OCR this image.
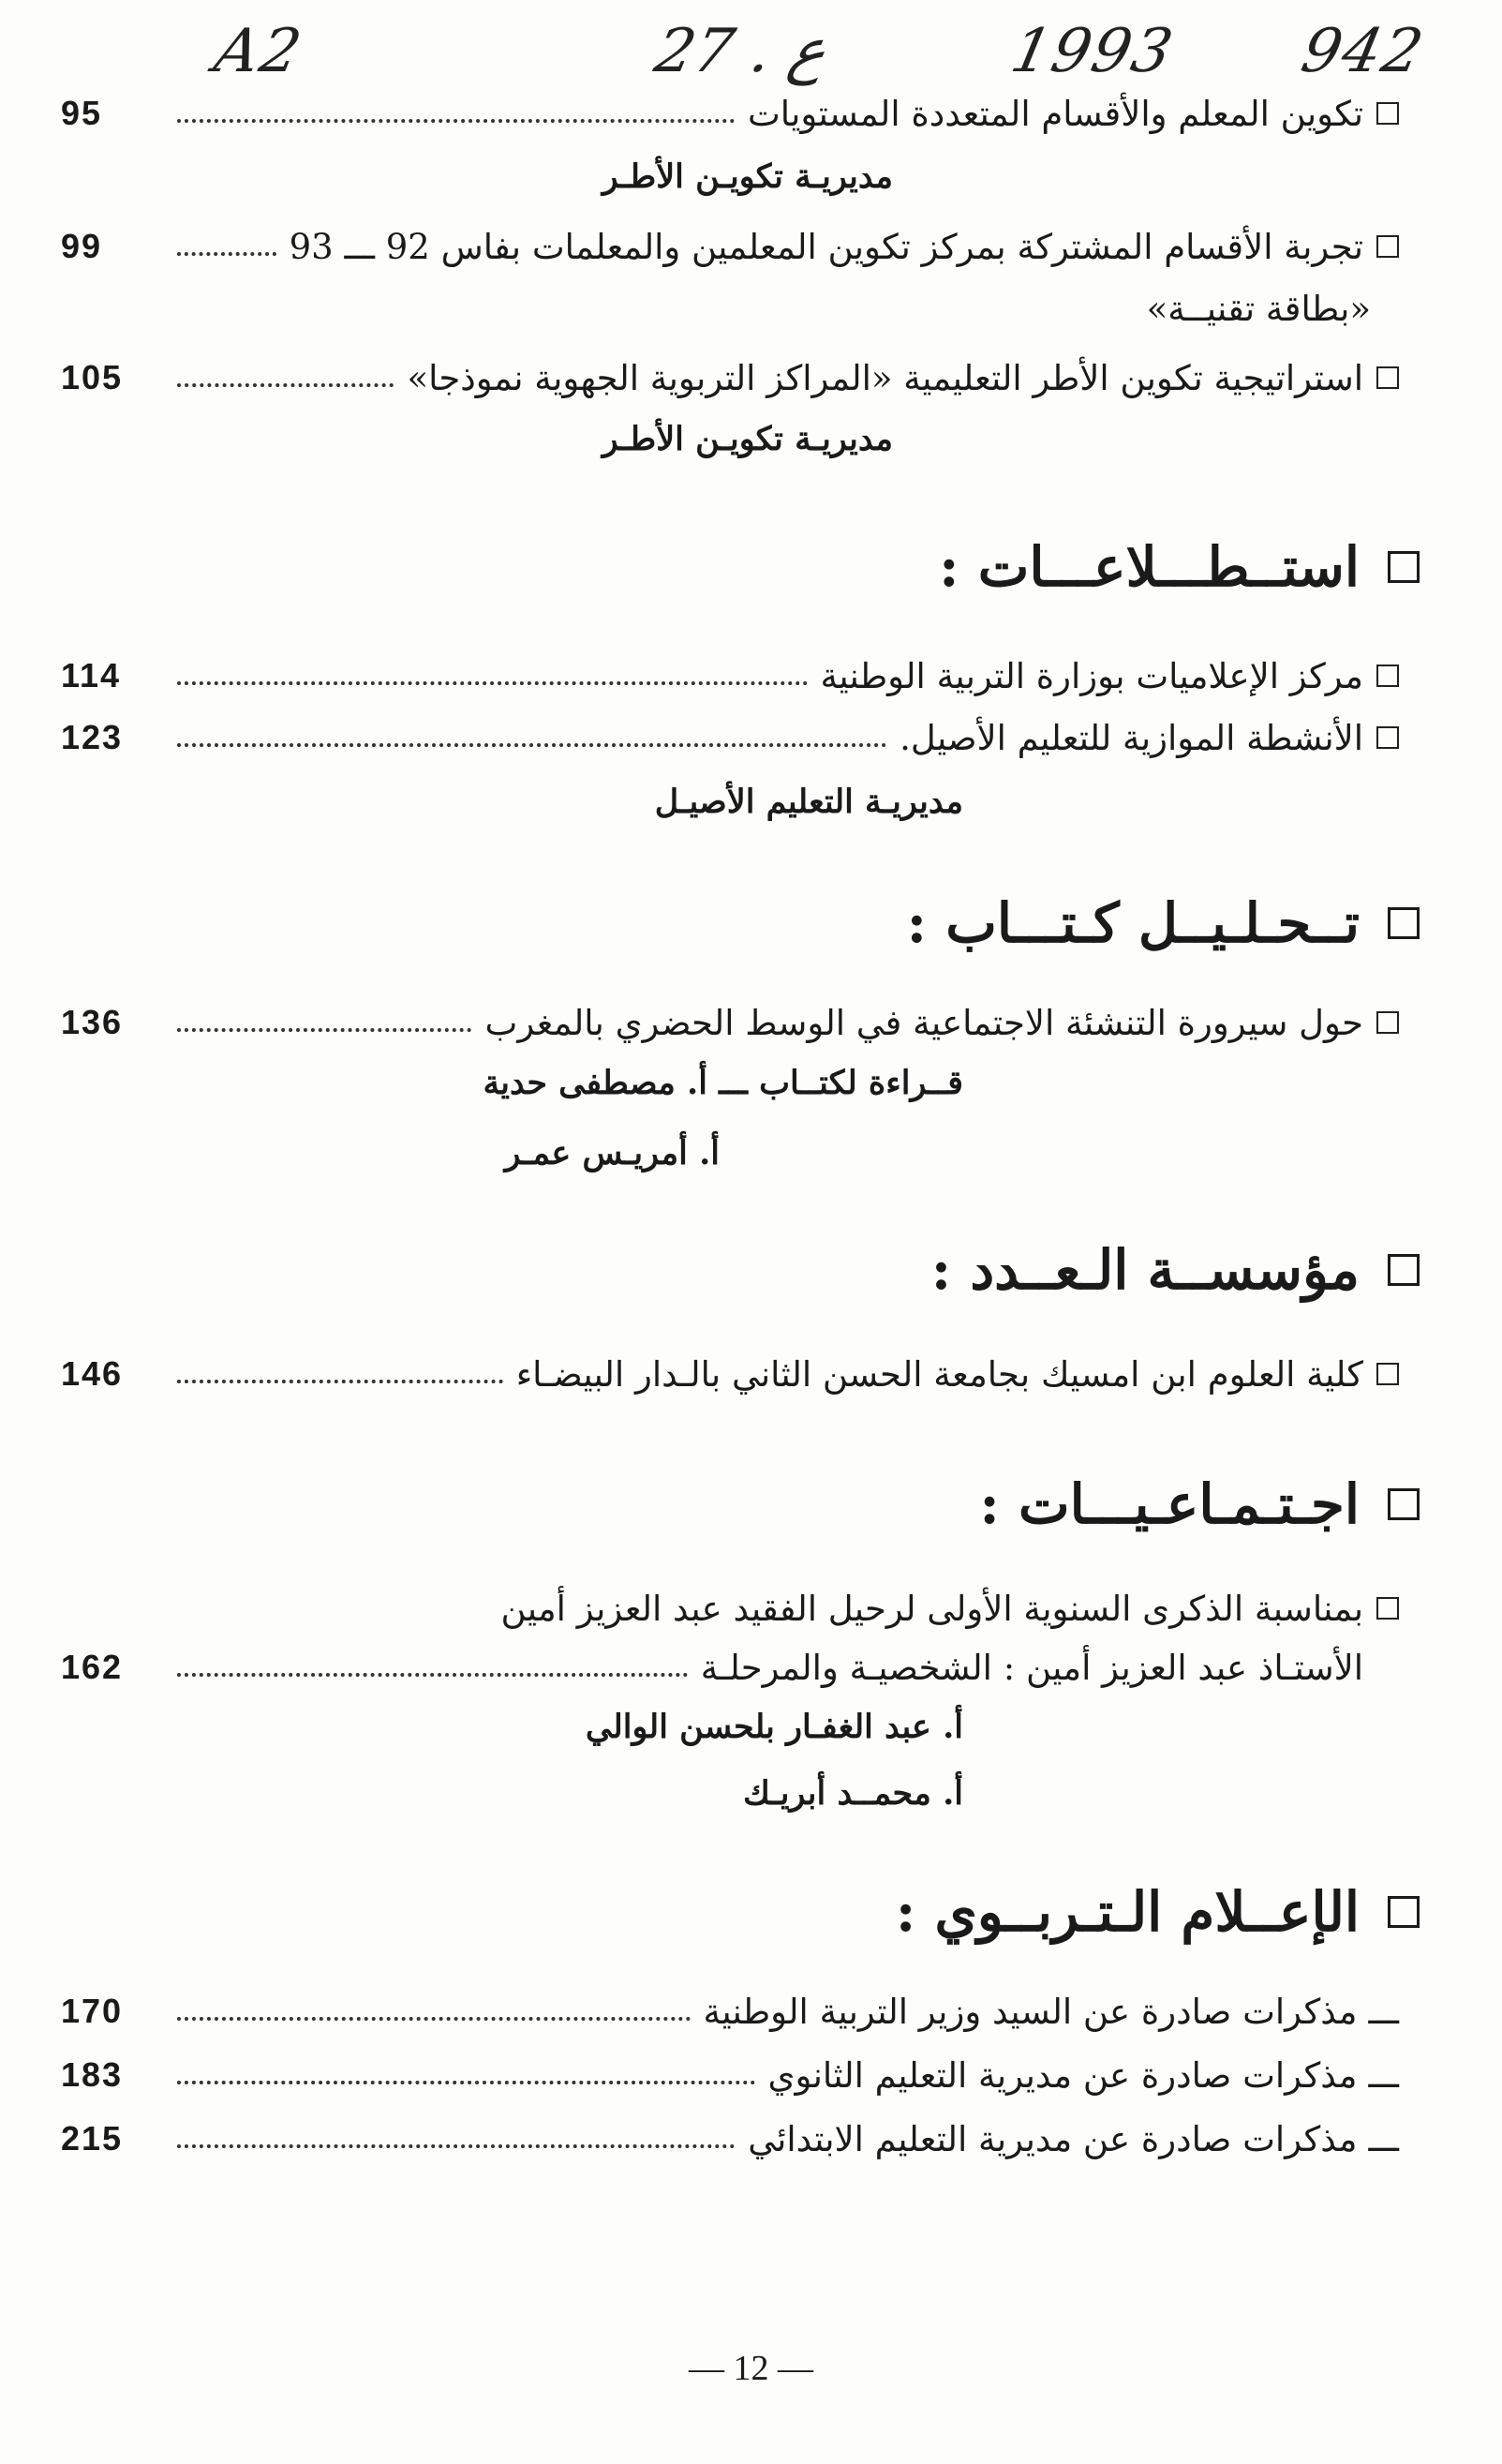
A2	27 . ع	1993 942
تكوين المعلم والأقسام المتعددة المستويات
95
مديريـة تكويـن الأطـر
تجربة الأقسام المشتركة بمركز تكوين المعلمين والمعلمات بفاس 92 ـــ 93
99
«بطاقة تقنيــة»
استراتيجية تكوين الأطر التعليمية «المراكز التربوية الجهوية نموذجا»
105
مديريـة تكويـن الأطـر
استــطـــلاعـــات :
مركز الإعلاميات بوزارة التربية الوطنية
114
الأنشطة الموازية للتعليم الأصيل.
123
مديريـة التعليم الأصيـل
تــحـلـيــل كـتـــاب :
حول سيرورة التنشئة الاجتماعية في الوسط الحضري بالمغرب
136
قــراءة لكتــاب ـــ أ. مصطفى حدية
أ. أمريـس عمـر
مؤسســة الـعــدد :
كلية العلوم ابن امسيك بجامعة الحسن الثاني بالـدار البيضـاء
146
اجـتـمـاعـيـــات :
بمناسبة الذكرى السنوية الأولى لرحيل الفقيد عبد العزيز أمين
الأستـاذ عبد العزيز أمين : الشخصيـة والمرحلـة
162
أ. عبد الغفـار بلحسن الوالي
أ. محمــد أبريـك
الإعــلام الـتـربــوي :
ـــ
مذكرات صادرة عن السيد وزير التربية الوطنية
170
ـــ
مذكرات صادرة عن مديرية التعليم الثانوي
183
ـــ
مذكرات صادرة عن مديرية التعليم الابتدائي
215
— 12 —
